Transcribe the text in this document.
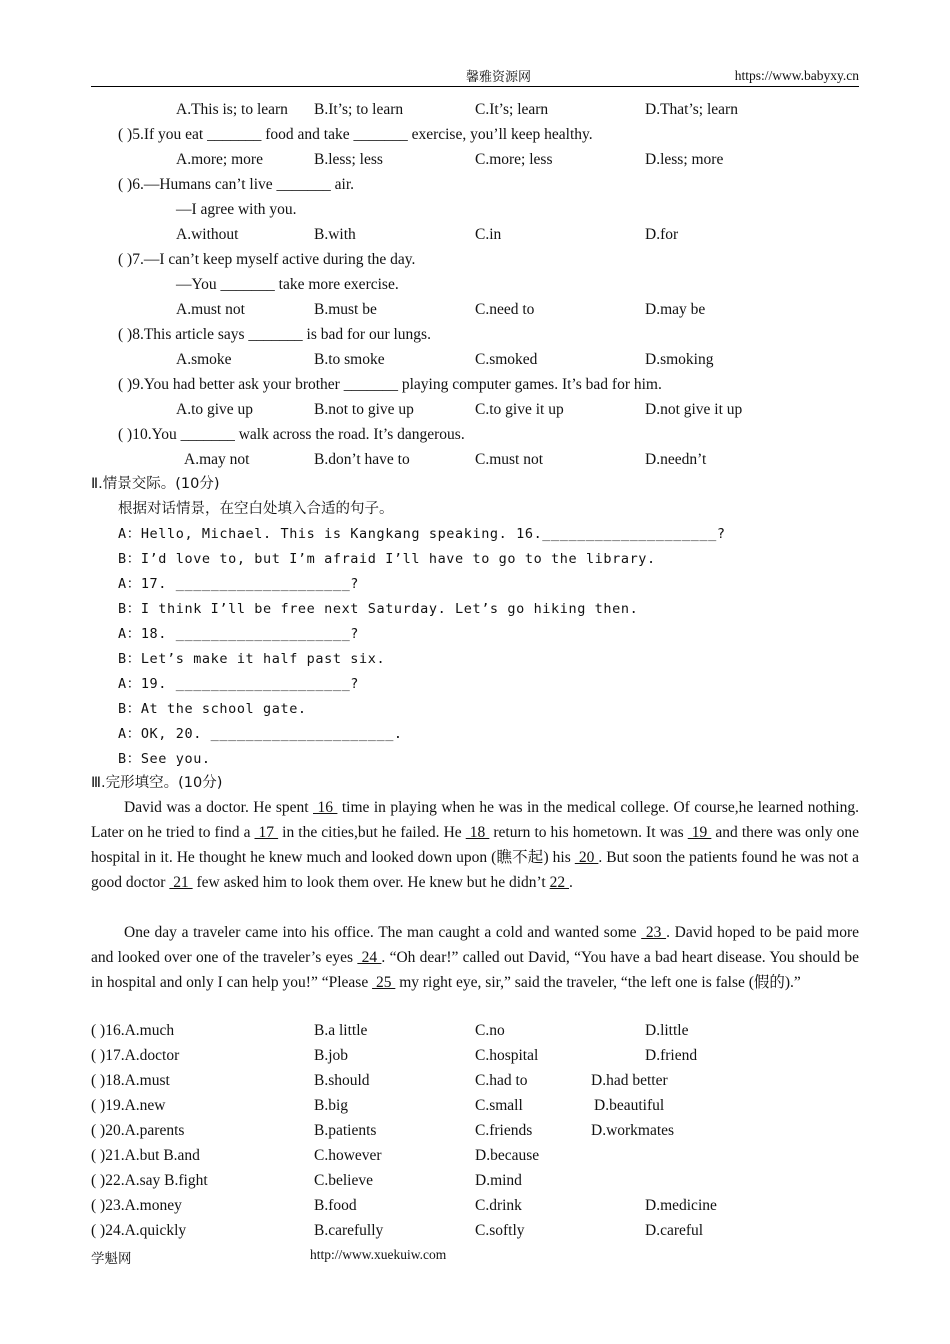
馨雅资源网	https://www.babyxy.cn
A.This is; to learn B.It’s; to learn	C.It’s; learn	D.That’s; learn
( )5.If you eat _______ food and take _______ exercise, you’ll keep healthy.
A.more; more	B.less; less	C.more; less	D.less; more
( )6.—Humans can’t live _______ air.
—I agree with you.
A.without	B.with	C.in	D.for
( )7.—I can’t keep myself active during the day.
—You _______ take more exercise.
A.must not	B.must be	C.need to	D.may be
( )8.This article says _______ is bad for our lungs.
A.smoke	B.to smoke	C.smoked	D.smoking
( )9.You had better ask your brother _______ playing computer games. It’s bad for him.
A.to give up	B.not to give up	C.to give it up	D.not give it up
( )10.You _______ walk across the road. It’s dangerous.
A.may not	B.don’t have to	C.must not	D.needn’t
Ⅱ.情景交际。(10分)
根据对话情景，在空白处填入合适的句子。
A：Hello, Michael. This is Kangkang speaking. 16.____________________?
B：I’d love to, but I’m afraid I’ll have to go to the library.
A：17. ____________________?
B：I think I’ll be free next Saturday. Let’s go hiking then.
A：18. ____________________?
B：Let’s make it half past six.
A：19. ____________________?
B：At the school gate.
A：OK, 20. _____________________.
B：See you.
Ⅲ.完形填空。(10分)
David was a doctor. He spent  16  time in playing when he was in the medical college. Of course,he learned nothing. Later on he tried to find a  17  in the cities,but he failed. He  18  return to his hometown. It was  19  and there was only one hospital in it. He thought he knew much and looked down upon (瞧不起) his  20 . But soon the patients found he was not a good doctor  21  few asked him to look them over. He knew but he didn’t 22 .
One day a traveler came into his office. The man caught a cold and wanted some  23 . David hoped to be paid more and looked over one of the traveler’s eyes  24 . “Oh dear!” called out David, “You have a bad heart disease. You should be in hospital and only I can help you!” “Please  25  my right eye, sir,” said the traveler, “the left one is false (假的).”
( )16.A.much	B.a little	C.no	D.little
( )17.A.doctor	B.job	C.hospital	D.friend
( )18.A.must	B.should	C.had to	D.had better
( )19.A.new	B.big	C.small	D.beautiful
( )20.A.parents	B.patients	C.friends	D.workmates
( )21.A.but B.and	C.however	D.because
( )22.A.say B.fight	C.believe	D.mind
( )23.A.money	B.food	C.drink	D.medicine
( )24.A.quickly	B.carefully	C.softly	D.careful
学魁网	http://www.xuekuiw.com
